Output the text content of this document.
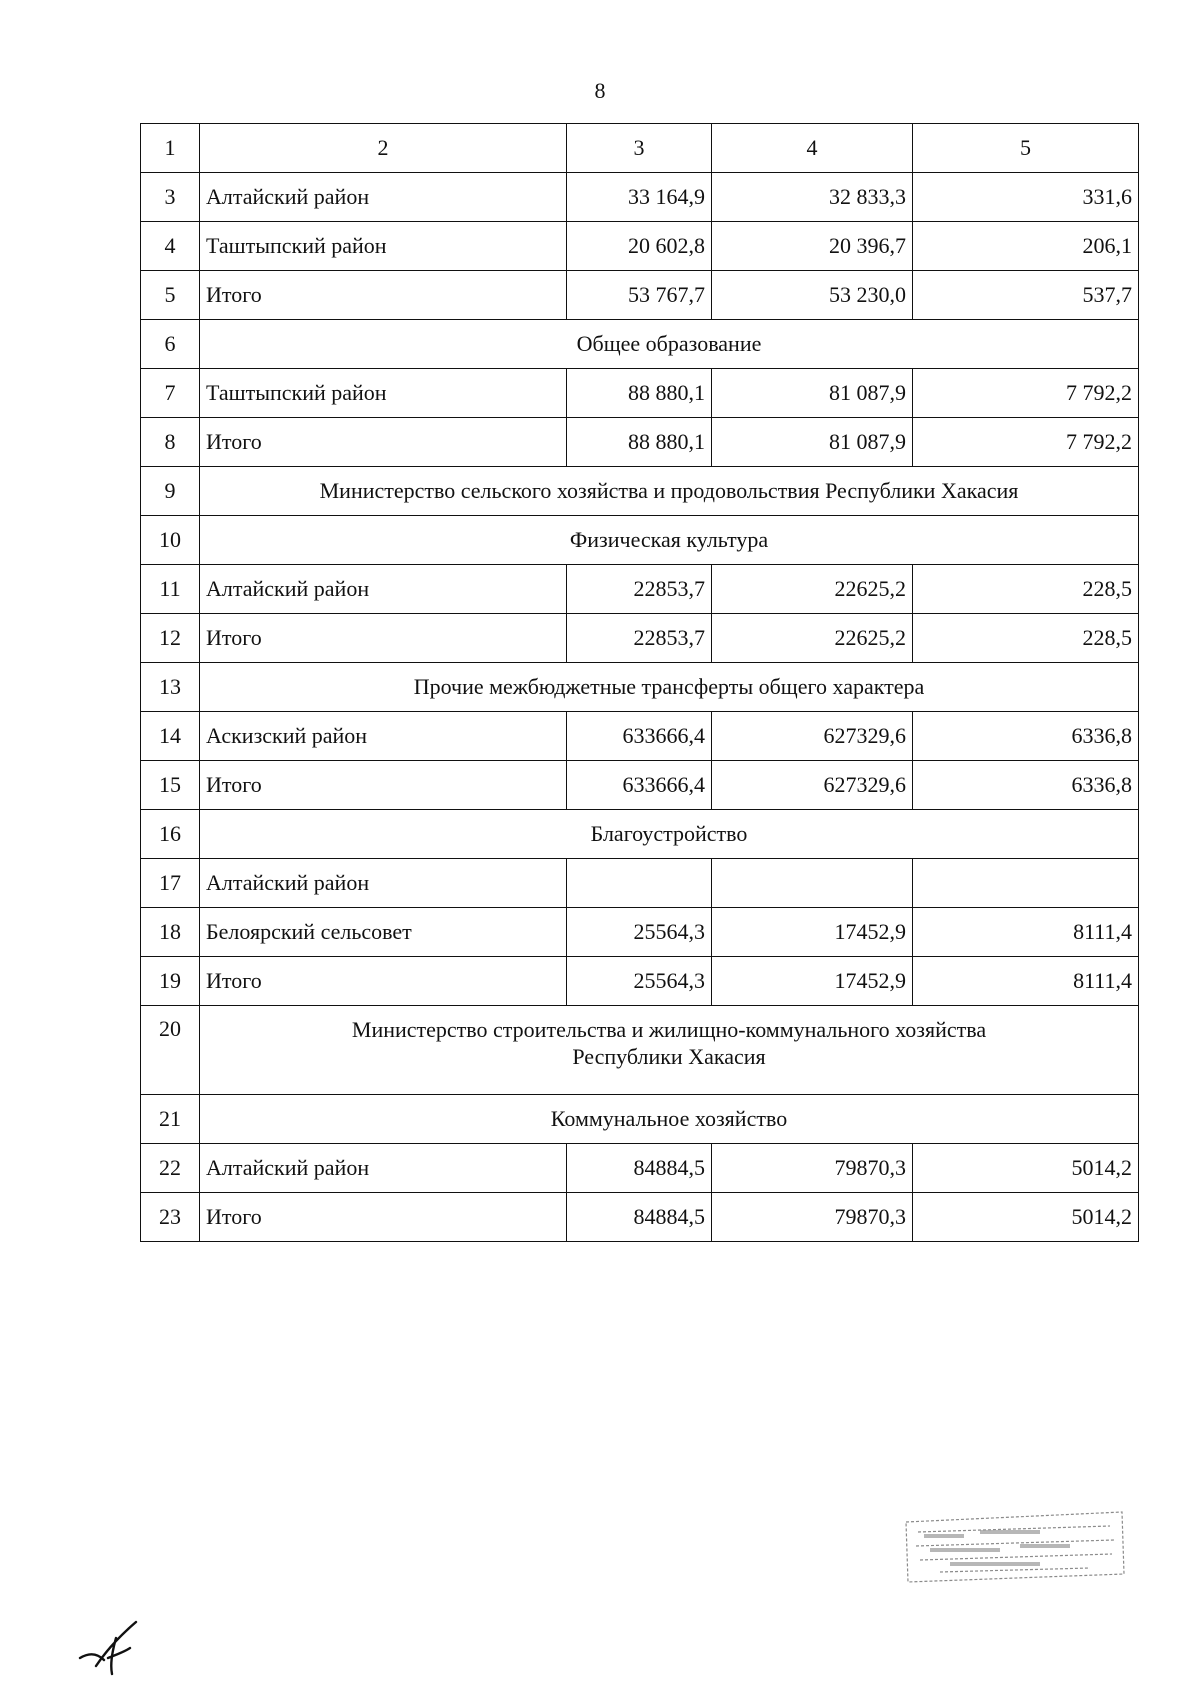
8
1	2	3	4	5
3	Алтайский район	33 164,9	32 833,3	331,6
4	Таштыпский район	20 602,8	20 396,7	206,1
5	Итого	53 767,7	53 230,0	537,7
6	Общее образование			
7	Таштыпский район	88 880,1	81 087,9	7 792,2
8	Итого	88 880,1	81 087,9	7 792,2
9	Министерство сельского хозяйства и продовольствия Республики Хакасия			
10	Физическая культура			
11	Алтайский район	22853,7	22625,2	228,5
12	Итого	22853,7	22625,2	228,5
13	Прочие межбюджетные трансферты общего характера			
14	Аскизский район	633666,4	627329,6	6336,8
15	Итого	633666,4	627329,6	6336,8
16	Благоустройство			
17	Алтайский район			
18	Белоярский сельсовет	25564,3	17452,9	8111,4
19	Итого	25564,3	17452,9	8111,4
20	Министерство строительства и жилищно-коммунального хозяйства
Республики Хакасия			

21	Коммунальное хозяйство			
22	Алтайский район	84884,5	79870,3	5014,2
23	Итого	84884,5	79870,3	5014,2
